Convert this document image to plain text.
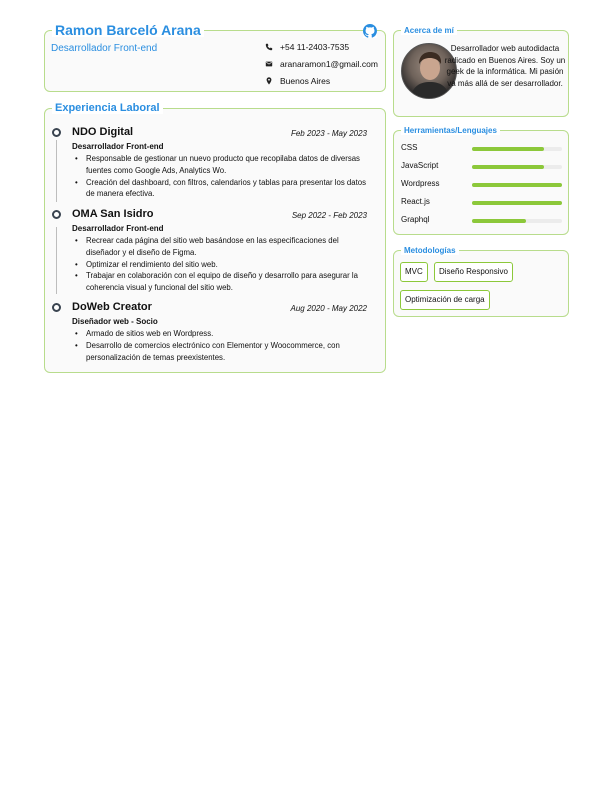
Ramon Barceló Arana
Desarrollador Front-end	+54 11-2403-7535
aranaramon1@gmail.com
Buenos Aires
Experiencia Laboral
NDO Digital	Feb 2023 - May 2023
Desarrollador Front-end
• Responsable de gestionar un nuevo producto que recopilaba datos de diversas fuentes como Google Ads, Analytics Wo.
• Creación del dashboard, con filtros, calendarios y tablas para presentar los datos de manera efectiva.
OMA San Isidro	Sep 2022 - Feb 2023
Desarrollador Front-end
• Recrear cada página del sitio web basándose en las especificaciones del diseñador y el diseño de Figma.
• Optimizar el rendimiento del sitio web.
• Trabajar en colaboración con el equipo de diseño y desarrollo para asegurar la coherencia visual y funcional del sitio web.
DoWeb Creator	Aug 2020 - May 2022
Diseñador web - Socio
• Armado de sitios web en Wordpress.
• Desarrollo de comercios electrónico con Elementor y Woocommerce, con personalización de temas preexistentes.
Acerca de mí
Desarrollador web autodidacta radicado en Buenos Aires. Soy un geek de la informática. Mi pasión va más allá de ser desarrollador.
Herramientas/Lenguajes
CSS
JavaScript
Wordpress
React.js
Graphql
Metodologías
MVC	Diseño Responsivo
Optimización de carga
